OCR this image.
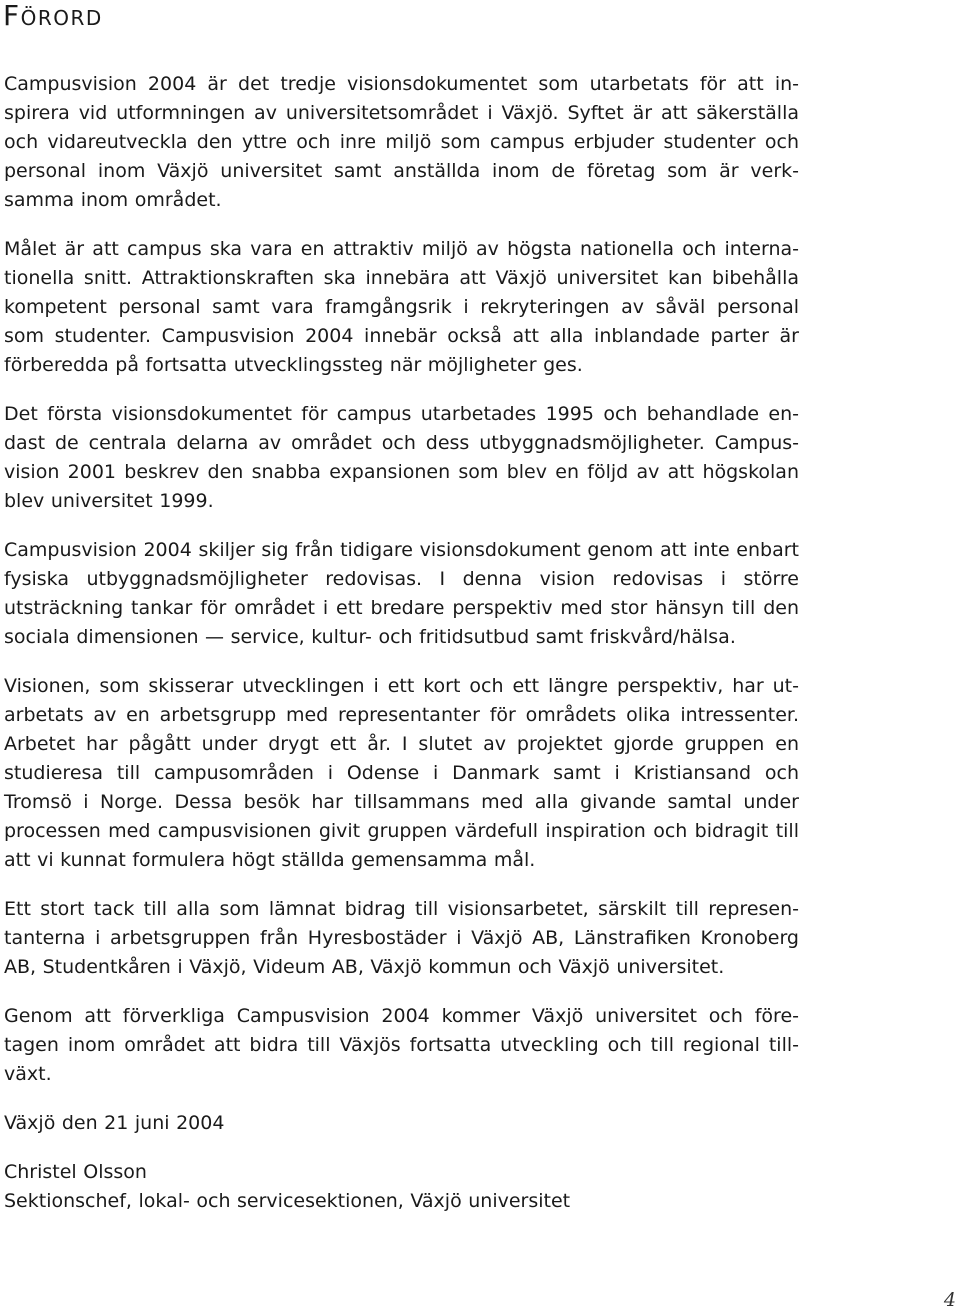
Förord

Campusvision 2004 är det tredje visionsdokumentet som utarbetats för att inspirera vid utformningen av universitetsområdet i Växjö. Syftet är att säkerställa och vidareutveckla den yttre och inre miljö som campus erbjuder studenter och personal inom Växjö universitet samt anställda inom de företag som är verksamma inom området.

Målet är att campus ska vara en attraktiv miljö av högsta nationella och internationella snitt. Attraktionskraften ska innebära att Växjö universitet kan bibehålla kompetent personal samt vara framgångsrik i rekryteringen av såväl personal som studenter. Campusvision 2004 innebär också att alla inblandade parter är förberedda på fortsatta utvecklingssteg när möjligheter ges.

Det första visionsdokumentet för campus utarbetades 1995 och behandlade endast de centrala delarna av området och dess utbyggnadsmöjligheter. Campusvision 2001 beskrev den snabba expansionen som blev en följd av att högskolan blev universitet 1999.

Campusvision 2004 skiljer sig från tidigare visionsdokument genom att inte enbart fysiska utbyggnadsmöjligheter redovisas. I denna vision redovisas i större utsträckning tankar för området i ett bredare perspektiv med stor hänsyn till den sociala dimensionen — service, kultur- och fritidsutbud samt friskvård/hälsa.

Visionen, som skisserar utvecklingen i ett kort och ett längre perspektiv, har utarbetats av en arbetsgrupp med representanter för områdets olika intressenter. Arbetet har pågått under drygt ett år. I slutet av projektet gjorde gruppen en studieresa till campusområden i Odense i Danmark samt i Kristiansand och Tromsö i Norge. Dessa besök har tillsammans med alla givande samtal under processen med campusvisionen givit gruppen värdefull inspiration och bidragit till att vi kunnat formulera högt ställda gemensamma mål.

Ett stort tack till alla som lämnat bidrag till visionsarbetet, särskilt till representanterna i arbetsgruppen från Hyresbostäder i Växjö AB, Länstrafiken Kronoberg AB, Studentkåren i Växjö, Videum AB, Växjö kommun och Växjö universitet.

Genom att förverkliga Campusvision 2004 kommer Växjö universitet och företagen inom området att bidra till Växjös fortsatta utveckling och till regional tillväxt.

Växjö den 21 juni 2004

Christel Olsson

Sektionschef, lokal- och servicesektionen, Växjö universitet

4
